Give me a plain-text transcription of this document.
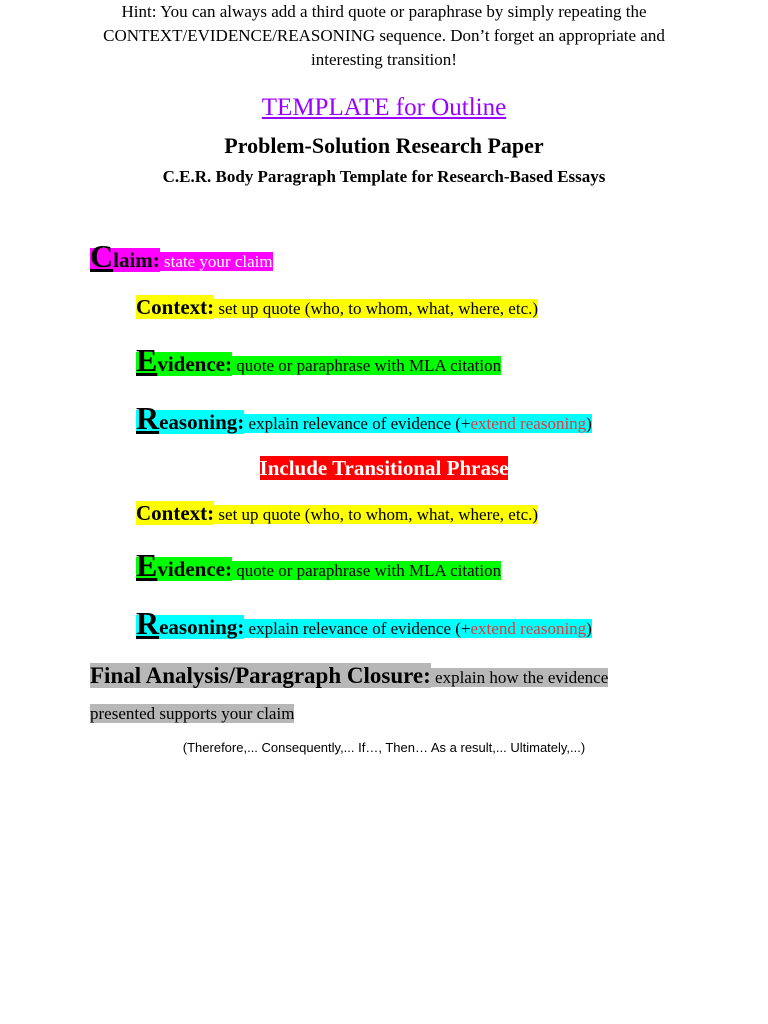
TEMPLATE for Outline
Problem-Solution Research Paper
C.E.R. Body Paragraph Template for Research-Based Essays
Claim: state your claim
Context: set up quote (who, to whom, what, where, etc.)
Evidence: quote or paraphrase with MLA citation
Reasoning: explain relevance of evidence (+extend reasoning)
Include Transitional Phrase
Context: set up quote (who, to whom, what, where, etc.)
Evidence: quote or paraphrase with MLA citation
Reasoning: explain relevance of evidence (+extend reasoning)
Final Analysis/Paragraph Closure: explain how the evidence
presented supports your claim
(Therefore,... Consequently,... If…, Then… As a result,... Ultimately,...)
Hint: You can always add a third quote or paraphrase by simply repeating the
CONTEXT/EVIDENCE/REASONING sequence. Don’t forget an appropriate and
interesting transition!
